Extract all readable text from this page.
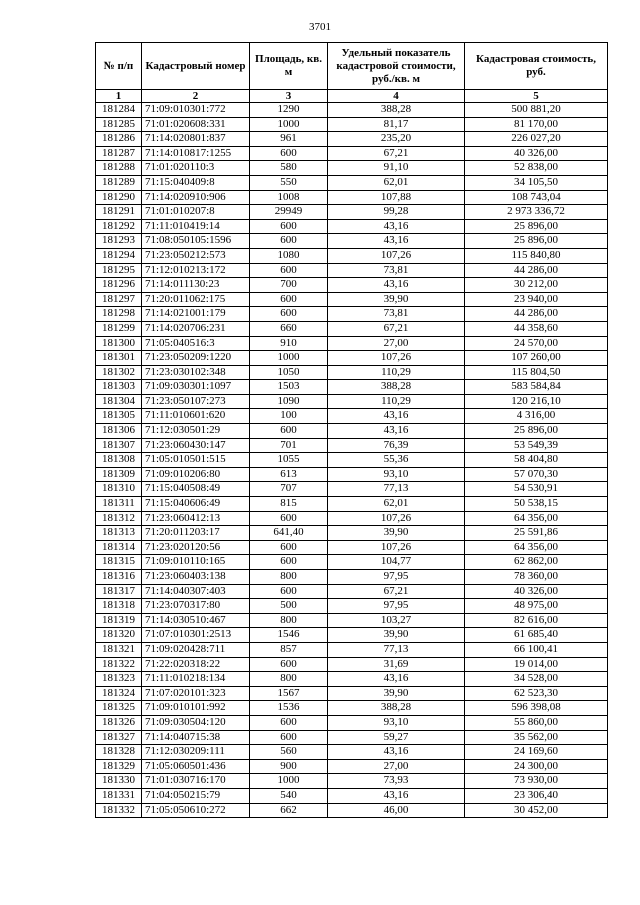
3701
№ п/п	Кадастровый номер	Площадь, кв. м	Удельный показатель кадастровой стоимости, руб./кв. м	Кадастровая стоимость, руб.
1	2	3	4	5
181284	71:09:010301:772	1290	388,28	500 881,20
181285	71:01:020608:331	1000	81,17	81 170,00
181286	71:14:020801:837	961	235,20	226 027,20
181287	71:14:010817:1255	600	67,21	40 326,00
181288	71:01:020110:3	580	91,10	52 838,00
181289	71:15:040409:8	550	62,01	34 105,50
181290	71:14:020910:906	1008	107,88	108 743,04
181291	71:01:010207:8	29949	99,28	2 973 336,72
181292	71:11:010419:14	600	43,16	25 896,00
181293	71:08:050105:1596	600	43,16	25 896,00
181294	71:23:050212:573	1080	107,26	115 840,80
181295	71:12:010213:172	600	73,81	44 286,00
181296	71:14:011130:23	700	43,16	30 212,00
181297	71:20:011062:175	600	39,90	23 940,00
181298	71:14:021001:179	600	73,81	44 286,00
181299	71:14:020706:231	660	67,21	44 358,60
181300	71:05:040516:3	910	27,00	24 570,00
181301	71:23:050209:1220	1000	107,26	107 260,00
181302	71:23:030102:348	1050	110,29	115 804,50
181303	71:09:030301:1097	1503	388,28	583 584,84
181304	71:23:050107:273	1090	110,29	120 216,10
181305	71:11:010601:620	100	43,16	4 316,00
181306	71:12:030501:29	600	43,16	25 896,00
181307	71:23:060430:147	701	76,39	53 549,39
181308	71:05:010501:515	1055	55,36	58 404,80
181309	71:09:010206:80	613	93,10	57 070,30
181310	71:15:040508:49	707	77,13	54 530,91
181311	71:15:040606:49	815	62,01	50 538,15
181312	71:23:060412:13	600	107,26	64 356,00
181313	71:20:011203:17	641,40	39,90	25 591,86
181314	71:23:020120:56	600	107,26	64 356,00
181315	71:09:010110:165	600	104,77	62 862,00
181316	71:23:060403:138	800	97,95	78 360,00
181317	71:14:040307:403	600	67,21	40 326,00
181318	71:23:070317:80	500	97,95	48 975,00
181319	71:14:030510:467	800	103,27	82 616,00
181320	71:07:010301:2513	1546	39,90	61 685,40
181321	71:09:020428:711	857	77,13	66 100,41
181322	71:22:020318:22	600	31,69	19 014,00
181323	71:11:010218:134	800	43,16	34 528,00
181324	71:07:020101:323	1567	39,90	62 523,30
181325	71:09:010101:992	1536	388,28	596 398,08
181326	71:09:030504:120	600	93,10	55 860,00
181327	71:14:040715:38	600	59,27	35 562,00
181328	71:12:030209:111	560	43,16	24 169,60
181329	71:05:060501:436	900	27,00	24 300,00
181330	71:01:030716:170	1000	73,93	73 930,00
181331	71:04:050215:79	540	43,16	23 306,40
181332	71:05:050610:272	662	46,00	30 452,00
